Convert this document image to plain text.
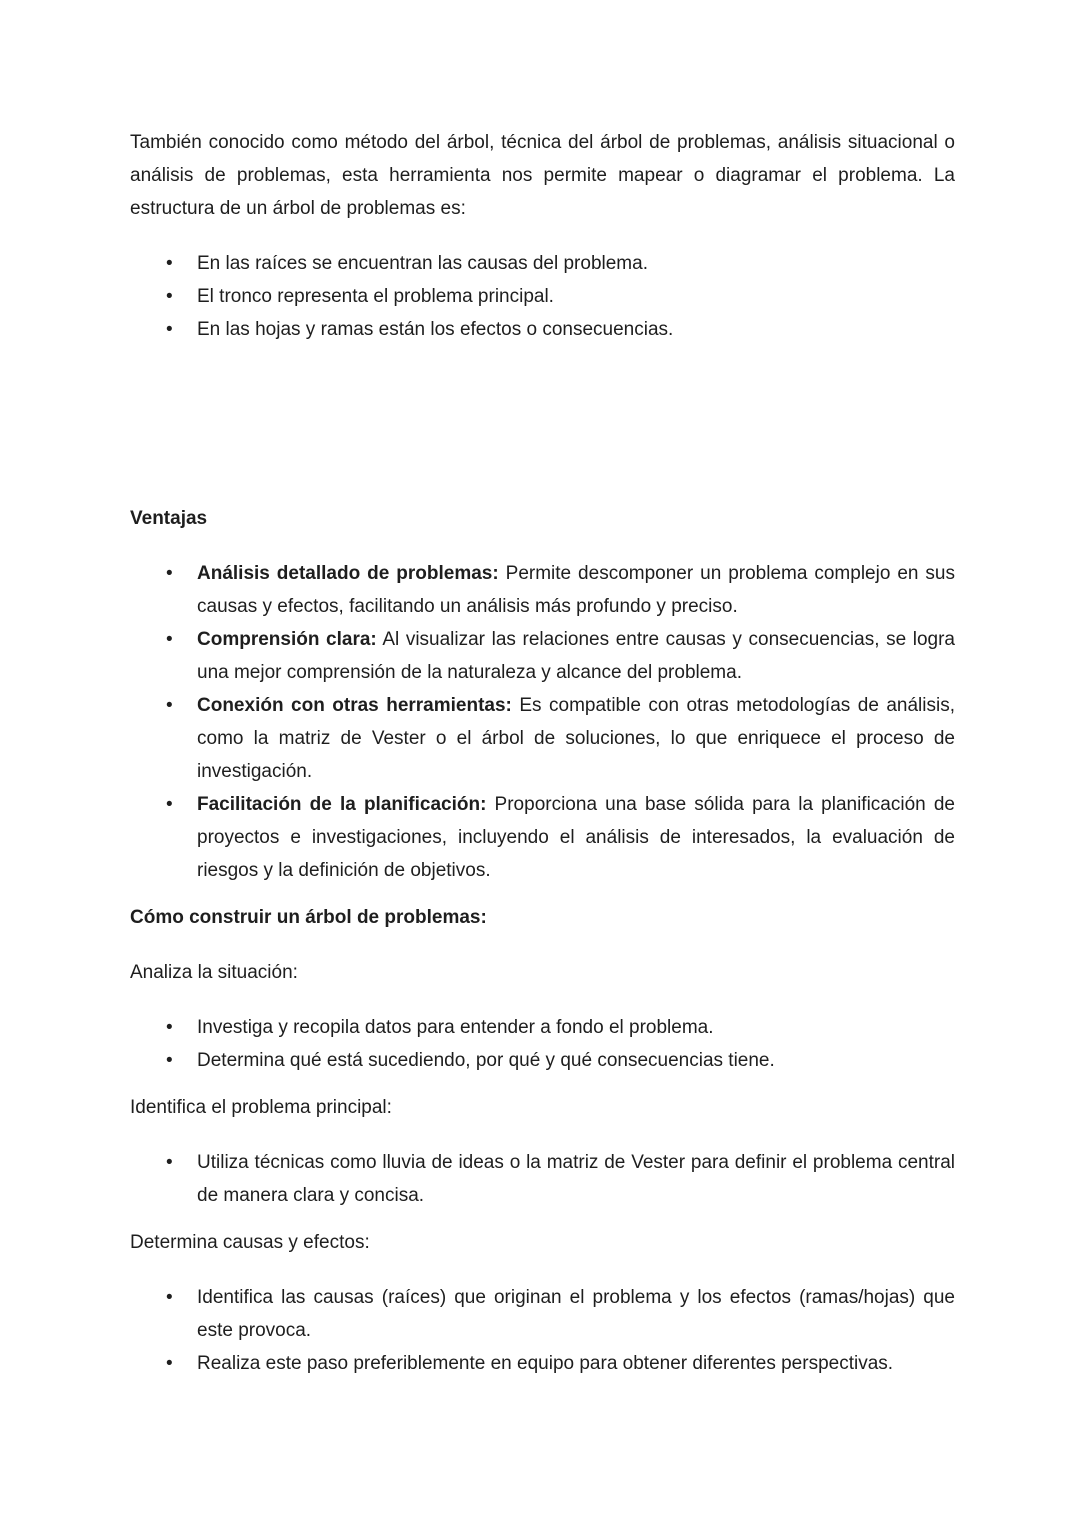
También conocido como método del árbol, técnica del árbol de problemas, análisis situacional o análisis de problemas, esta herramienta nos permite mapear o diagramar el problema. La estructura de un árbol de problemas es:

• En las raíces se encuentran las causas del problema.
• El tronco representa el problema principal.
• En las hojas y ramas están los efectos o consecuencias.

Ventajas

• Análisis detallado de problemas: Permite descomponer un problema complejo en sus causas y efectos, facilitando un análisis más profundo y preciso.
• Comprensión clara: Al visualizar las relaciones entre causas y consecuencias, se logra una mejor comprensión de la naturaleza y alcance del problema.
• Conexión con otras herramientas: Es compatible con otras metodologías de análisis, como la matriz de Vester o el árbol de soluciones, lo que enriquece el proceso de investigación.
• Facilitación de la planificación: Proporciona una base sólida para la planificación de proyectos e investigaciones, incluyendo el análisis de interesados, la evaluación de riesgos y la definición de objetivos.

Cómo construir un árbol de problemas:

Analiza la situación:

• Investiga y recopila datos para entender a fondo el problema.
• Determina qué está sucediendo, por qué y qué consecuencias tiene.

Identifica el problema principal:

• Utiliza técnicas como lluvia de ideas o la matriz de Vester para definir el problema central de manera clara y concisa.

Determina causas y efectos:

• Identifica las causas (raíces) que originan el problema y los efectos (ramas/hojas) que este provoca.
• Realiza este paso preferiblemente en equipo para obtener diferentes perspectivas.
